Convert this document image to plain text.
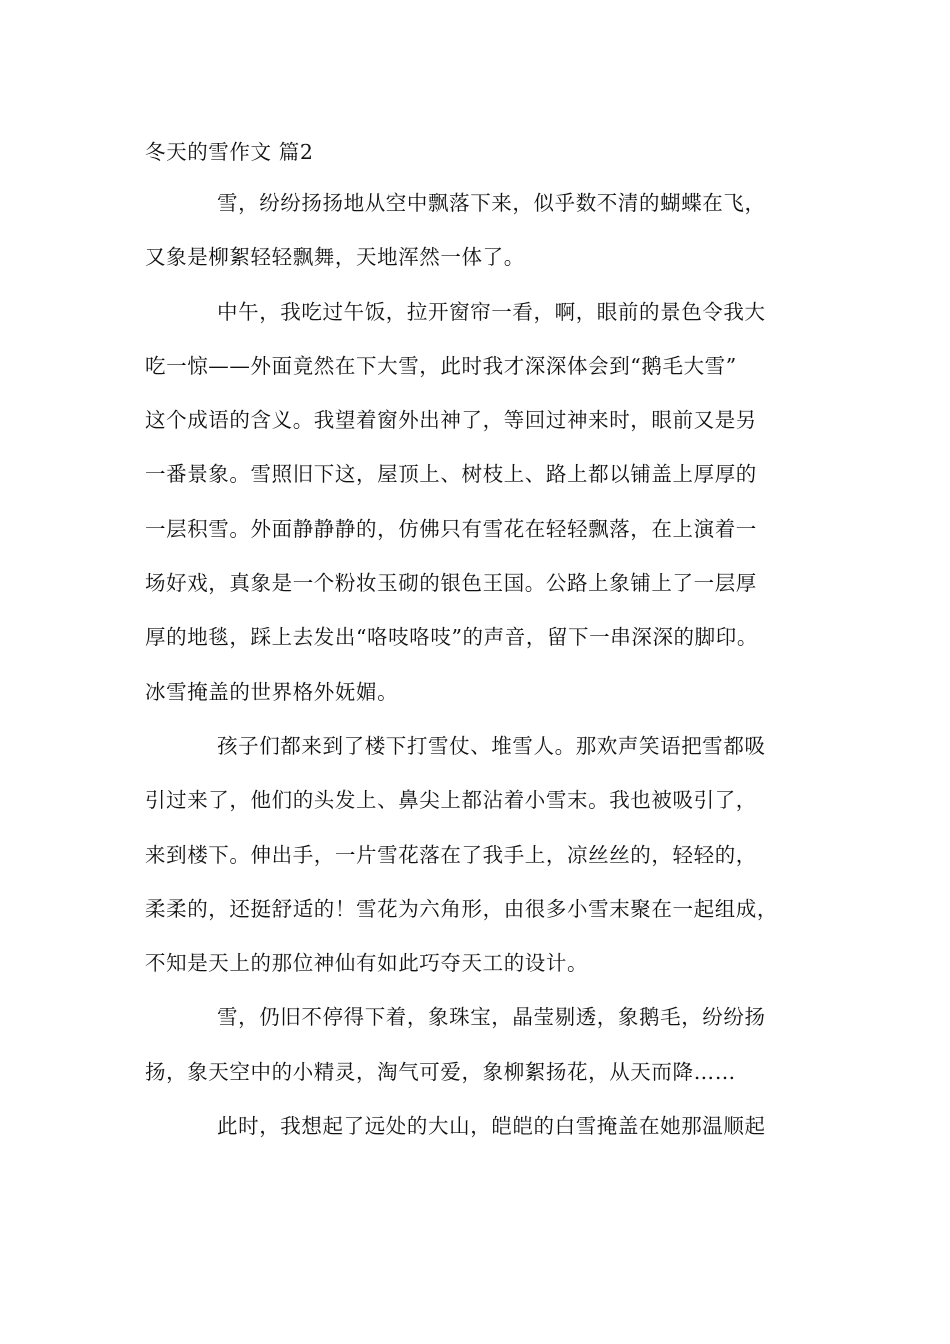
冬天的雪作文 篇2
雪，纷纷扬扬地从空中飘落下来，似乎数不清的蝴蝶在飞，
又象是柳絮轻轻飘舞，天地浑然一体了。
中午，我吃过午饭，拉开窗帘一看，啊，眼前的景色令我大
吃一惊——外面竟然在下大雪，此时我才深深体会到“鹅毛大雪”
这个成语的含义。我望着窗外出神了，等回过神来时，眼前又是另
一番景象。雪照旧下这，屋顶上、树枝上、路上都以铺盖上厚厚的
一层积雪。外面静静静的，仿佛只有雪花在轻轻飘落，在上演着一
场好戏，真象是一个粉妆玉砌的银色王国。公路上象铺上了一层厚
厚的地毯，踩上去发出“咯吱咯吱”的声音，留下一串深深的脚印。
冰雪掩盖的世界格外妩媚。
孩子们都来到了楼下打雪仗、堆雪人。那欢声笑语把雪都吸
引过来了，他们的头发上、鼻尖上都沾着小雪末。我也被吸引了，
来到楼下。伸出手，一片雪花落在了我手上，凉丝丝的，轻轻的，
柔柔的，还挺舒适的！雪花为六角形，由很多小雪末聚在一起组成，
不知是天上的那位神仙有如此巧夺天工的设计。
雪，仍旧不停得下着，象珠宝，晶莹剔透，象鹅毛，纷纷扬
扬，象天空中的小精灵，淘气可爱，象柳絮扬花，从天而降……
此时，我想起了远处的大山，皑皑的白雪掩盖在她那温顺起
